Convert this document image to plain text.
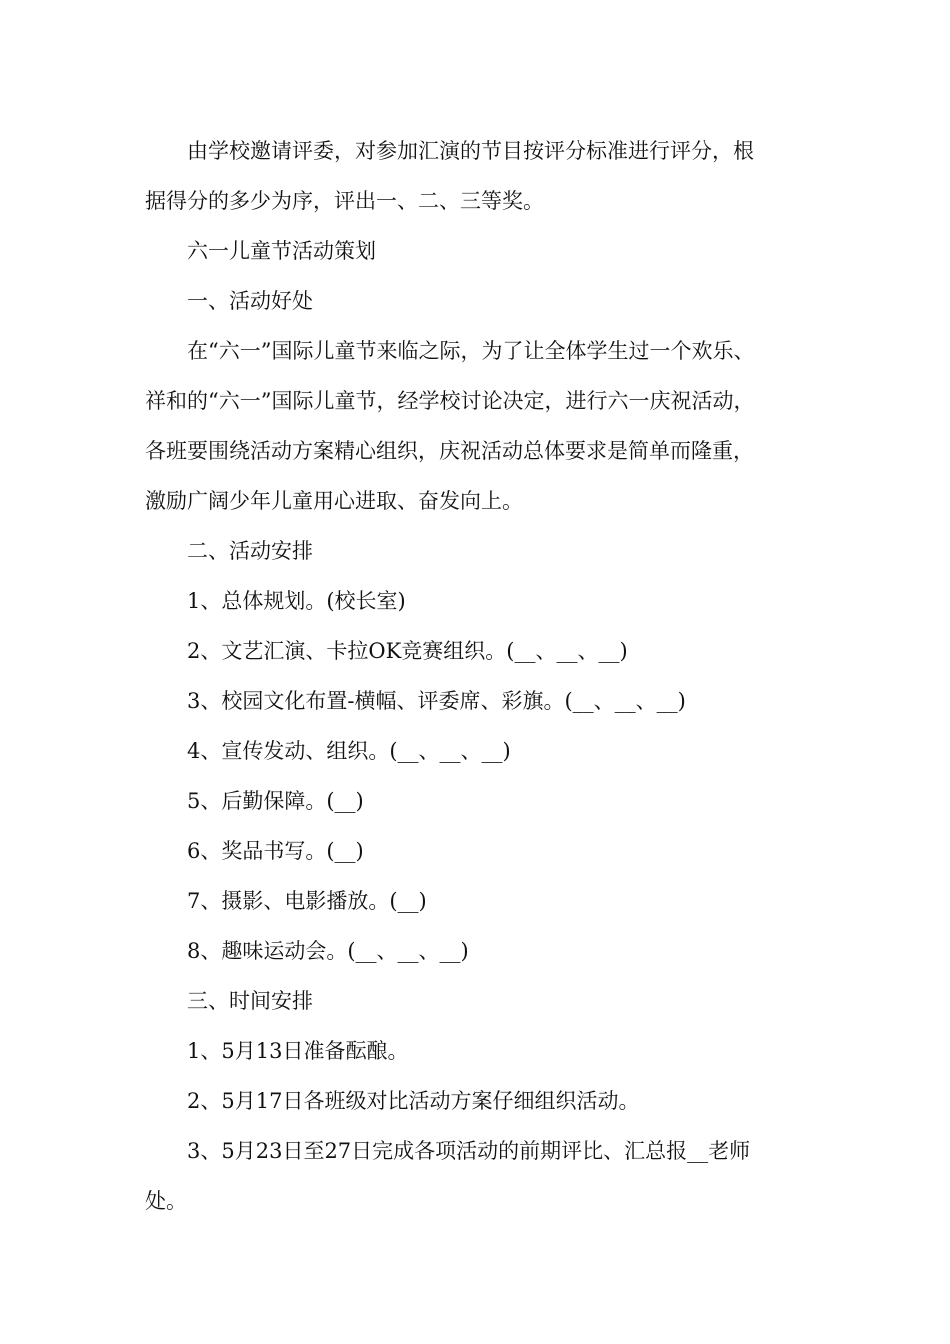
由学校邀请评委，对参加汇演的节目按评分标准进行评分，根
据得分的多少为序，评出一、二、三等奖。
六一儿童节活动策划
一、活动好处
在“六一”国际儿童节来临之际，为了让全体学生过一个欢乐、
祥和的“六一”国际儿童节，经学校讨论决定，进行六一庆祝活动，
各班要围绕活动方案精心组织，庆祝活动总体要求是简单而隆重，
激励广阔少年儿童用心进取、奋发向上。
二、活动安排
1、总体规划。(校长室)
2、文艺汇演、卡拉OK竞赛组织。(__、__、__)
3、校园文化布置-横幅、评委席、彩旗。(__、__、__)
4、宣传发动、组织。(__、__、__)
5、后勤保障。(__)
6、奖品书写。(__)
7、摄影、电影播放。(__)
8、趣味运动会。(__、__、__)
三、时间安排
1、5月13日准备酝酿。
2、5月17日各班级对比活动方案仔细组织活动。
3、5月23日至27日完成各项活动的前期评比、汇总报__老师
处。
